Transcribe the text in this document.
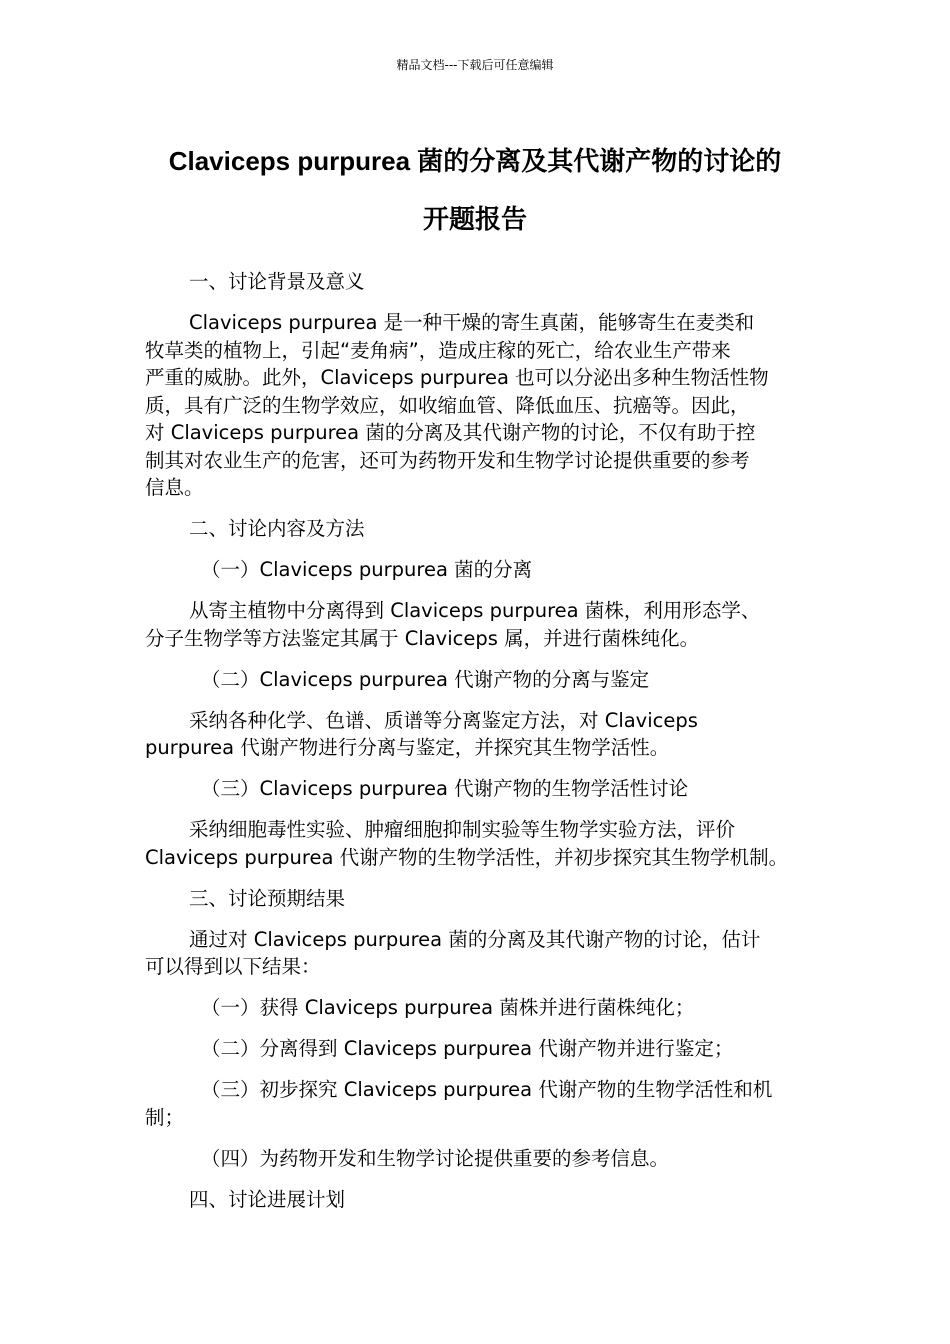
精品文档---下载后可任意编辑
Claviceps purpurea 菌的分离及其代谢产物的讨论的
开题报告
一、讨论背景及意义
Claviceps purpurea 是一种干燥的寄生真菌，能够寄生在麦类和
牧草类的植物上，引起“麦角病”，造成庄稼的死亡，给农业生产带来
严重的威胁。此外，Claviceps purpurea 也可以分泌出多种生物活性物
质，具有广泛的生物学效应，如收缩血管、降低血压、抗癌等。因此，
对 Claviceps purpurea 菌的分离及其代谢产物的讨论，不仅有助于控
制其对农业生产的危害，还可为药物开发和生物学讨论提供重要的参考
信息。
二、讨论内容及方法
（一）Claviceps purpurea 菌的分离
从寄主植物中分离得到 Claviceps purpurea 菌株，利用形态学、
分子生物学等方法鉴定其属于 Claviceps 属，并进行菌株纯化。
（二）Claviceps purpurea 代谢产物的分离与鉴定
采纳各种化学、色谱、质谱等分离鉴定方法，对 Claviceps
purpurea 代谢产物进行分离与鉴定，并探究其生物学活性。
（三）Claviceps purpurea 代谢产物的生物学活性讨论
采纳细胞毒性实验、肿瘤细胞抑制实验等生物学实验方法，评价
Claviceps purpurea 代谢产物的生物学活性，并初步探究其生物学机制。
三、讨论预期结果
通过对 Claviceps purpurea 菌的分离及其代谢产物的讨论，估计
可以得到以下结果：
（一）获得 Claviceps purpurea 菌株并进行菌株纯化；
（二）分离得到 Claviceps purpurea 代谢产物并进行鉴定；
（三）初步探究 Claviceps purpurea 代谢产物的生物学活性和机
制；
（四）为药物开发和生物学讨论提供重要的参考信息。
四、讨论进展计划
